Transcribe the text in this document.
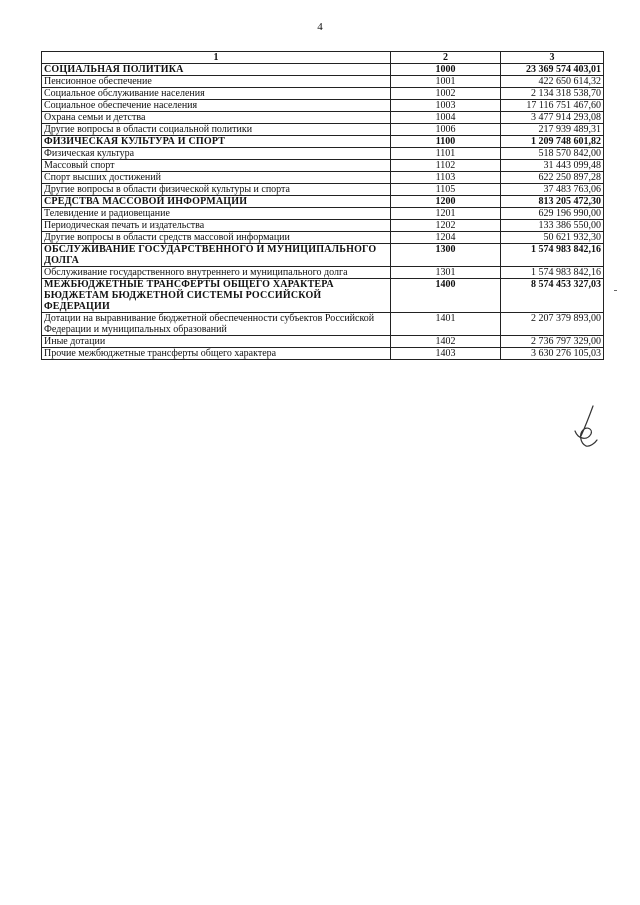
4
1	2	3
СОЦИАЛЬНАЯ ПОЛИТИКА	1000	23 369 574 403,01
Пенсионное обеспечение	1001	422 650 614,32
Социальное обслуживание населения	1002	2 134 318 538,70
Социальное обеспечение населения	1003	17 116 751 467,60
Охрана семьи и детства	1004	3 477 914 293,08
Другие вопросы в области социальной политики	1006	217 939 489,31
ФИЗИЧЕСКАЯ КУЛЬТУРА И СПОРТ	1100	1 209 748 601,82
Физическая культура	1101	518 570 842,00
Массовый спорт	1102	31 443 099,48
Спорт высших достижений	1103	622 250 897,28
Другие вопросы в области физической культуры и спорта	1105	37 483 763,06
СРЕДСТВА МАССОВОЙ ИНФОРМАЦИИ	1200	813 205 472,30
Телевидение и радиовещание	1201	629 196 990,00
Периодическая печать и издательства	1202	133 386 550,00
Другие вопросы в области средств массовой информации	1204	50 621 932,30
ОБСЛУЖИВАНИЕ ГОСУДАРСТВЕННОГО И МУНИЦИПАЛЬНОГО ДОЛГА	1300	1 574 983 842,16
Обслуживание государственного внутреннего и муниципального долга	1301	1 574 983 842,16
МЕЖБЮДЖЕТНЫЕ ТРАНСФЕРТЫ ОБЩЕГО ХАРАКТЕРА БЮДЖЕТАМ БЮДЖЕТНОЙ СИСТЕМЫ РОССИЙСКОЙ ФЕДЕРАЦИИ	1400	8 574 453 327,03
Дотации на выравнивание бюджетной обеспеченности субъектов Российской Федерации и муниципальных образований	1401	2 207 379 893,00
Иные дотации	1402	2 736 797 329,00
Прочие межбюджетные трансферты общего характера	1403	3 630 276 105,03
